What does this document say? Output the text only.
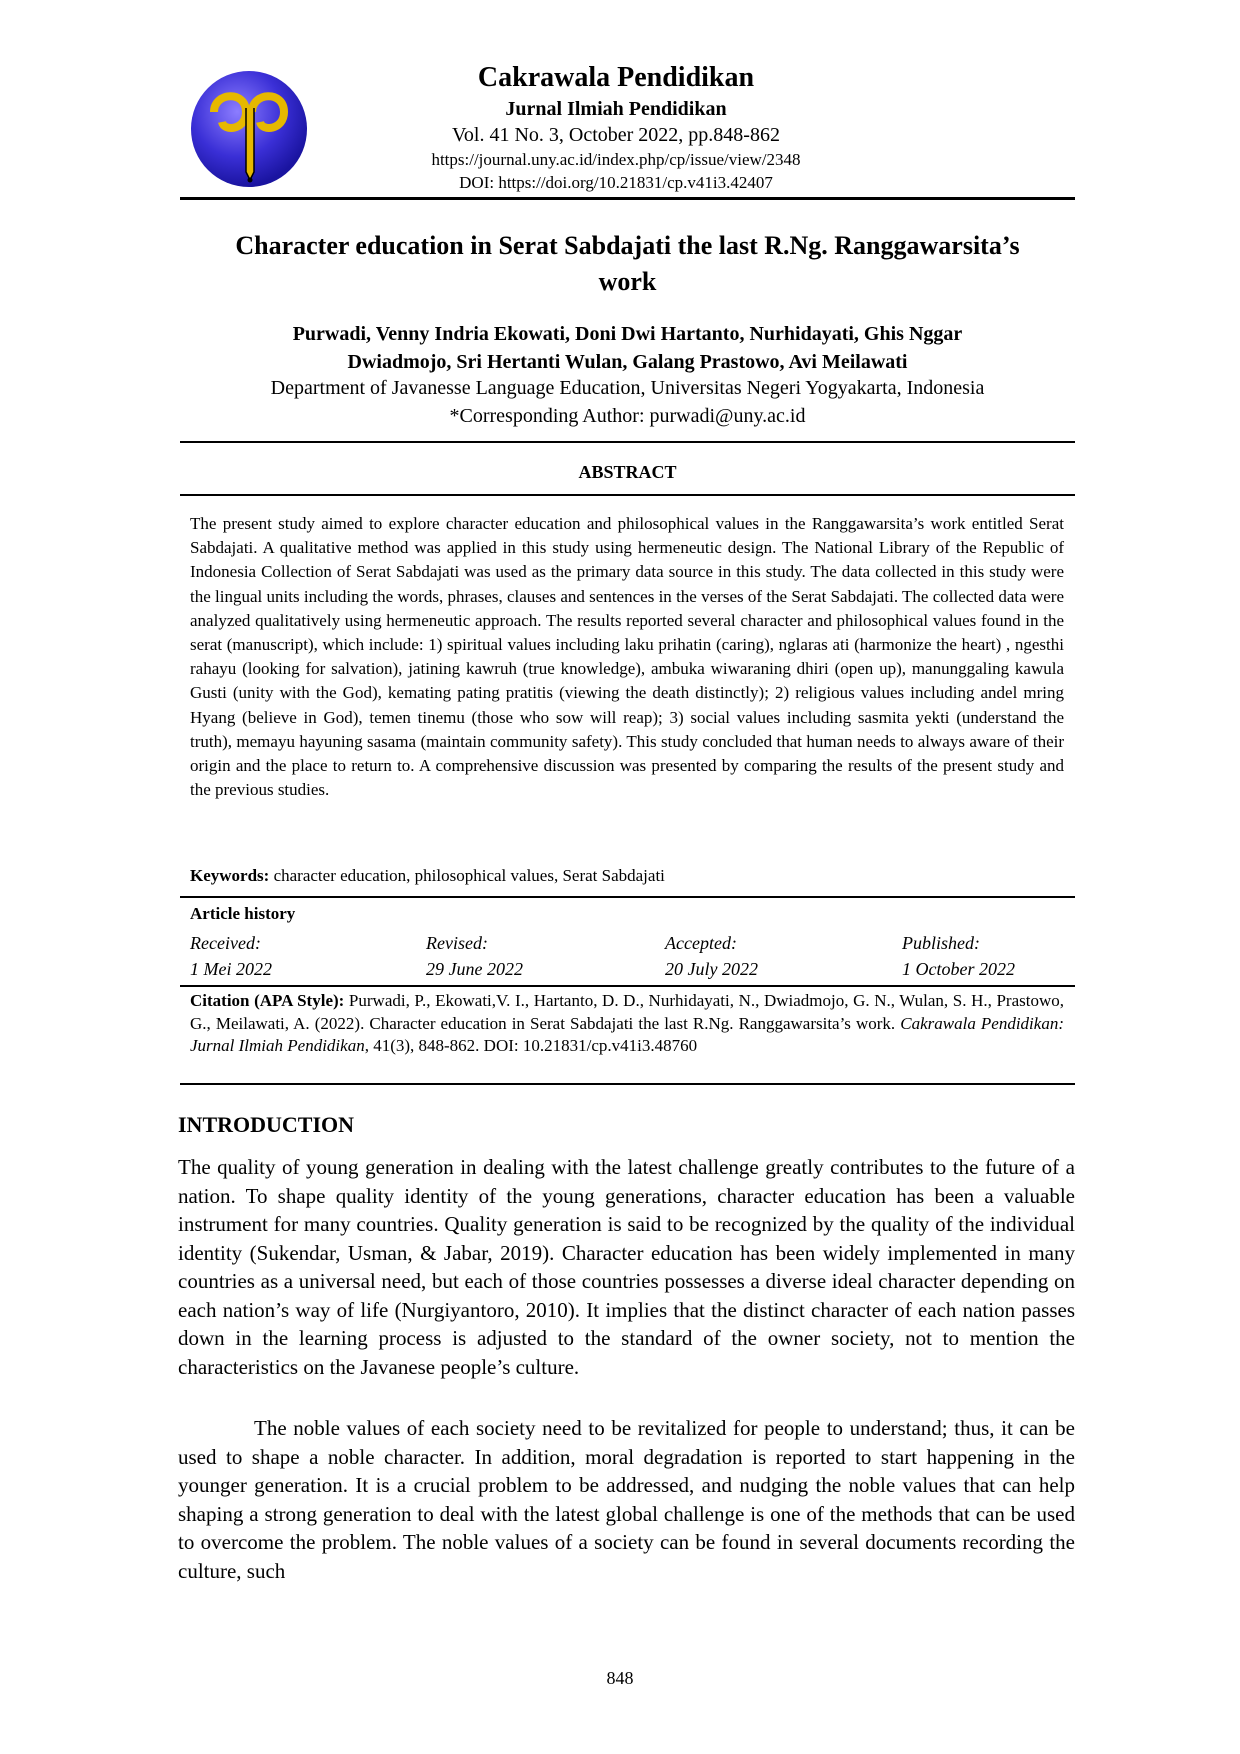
Cakrawala Pendidikan
Jurnal Ilmiah Pendidikan
Vol. 41 No. 3, October 2022, pp.848-862
https://journal.uny.ac.id/index.php/cp/issue/view/2348
DOI: https://doi.org/10.21831/cp.v41i3.42407
Character education in Serat Sabdajati the last R.Ng. Ranggawarsita’s
work
Purwadi, Venny Indria Ekowati, Doni Dwi Hartanto, Nurhidayati, Ghis Nggar
Dwiadmojo, Sri Hertanti Wulan, Galang Prastowo, Avi Meilawati
Department of Javanesse Language Education, Universitas Negeri Yogyakarta, Indonesia
*Corresponding Author: purwadi@uny.ac.id
ABSTRACT
The present study aimed to explore character education and philosophical values in the Ranggawarsita’s work entitled Serat Sabdajati. A qualitative method was applied in this study using hermeneutic design. The National Library of the Republic of Indonesia Collection of Serat Sabdajati was used as the primary data source in this study. The data collected in this study were the lingual units including the words, phrases, clauses and sentences in the verses of the Serat Sabdajati. The collected data were analyzed qualitatively using hermeneutic approach. The results reported several character and philosophical values found in the serat (manuscript), which include: 1) spiritual values including laku prihatin (caring), nglaras ati (harmonize the heart) , ngesthi rahayu (looking for salvation), jatining kawruh (true knowledge), ambuka wiwaraning dhiri (open up), manunggaling kawula Gusti (unity with the God), kemating pating pratitis (viewing the death distinctly); 2) religious values including andel mring Hyang (believe in God), temen tinemu (those who sow will reap); 3) social values including sasmita yekti (understand the truth), memayu hayuning sasama (maintain community safety). This study concluded that human needs to always aware of their origin and the place to return to. A comprehensive discussion was presented by comparing the results of the present study and the previous studies.
Keywords: character education, philosophical values, Serat Sabdajati
Article history
Received:
1 Mei 2022
Revised:
29 June 2022
Accepted:
20 July 2022
Published:
1 October 2022
Citation (APA Style): Purwadi, P., Ekowati,V. I., Hartanto, D. D., Nurhidayati, N., Dwiadmojo, G. N., Wulan, S. H., Prastowo, G., Meilawati, A. (2022). Character education in Serat Sabdajati the last R.Ng. Ranggawarsita’s work. Cakrawala Pendidikan: Jurnal Ilmiah Pendidikan, 41(3), 848-862. DOI: 10.21831/cp.v41i3.48760
INTRODUCTION
The quality of young generation in dealing with the latest challenge greatly contributes to the future of a nation. To shape quality identity of the young generations, character education has been a valuable instrument for many countries. Quality generation is said to be recognized by the quality of the individual identity (Sukendar, Usman, & Jabar, 2019). Character education has been widely implemented in many countries as a universal need, but each of those countries possesses a diverse ideal character depending on each nation’s way of life (Nurgiyantoro, 2010). It implies that the distinct character of each nation passes down in the learning process is adjusted to the standard of the owner society, not to mention the characteristics on the Javanese people’s culture.
The noble values of each society need to be revitalized for people to understand; thus, it can be used to shape a noble character. In addition, moral degradation is reported to start happening in the younger generation. It is a crucial problem to be addressed, and nudging the noble values that can help shaping a strong generation to deal with the latest global challenge is one of the methods that can be used to overcome the problem. The noble values of a society can be found in several documents recording the culture, such
848
